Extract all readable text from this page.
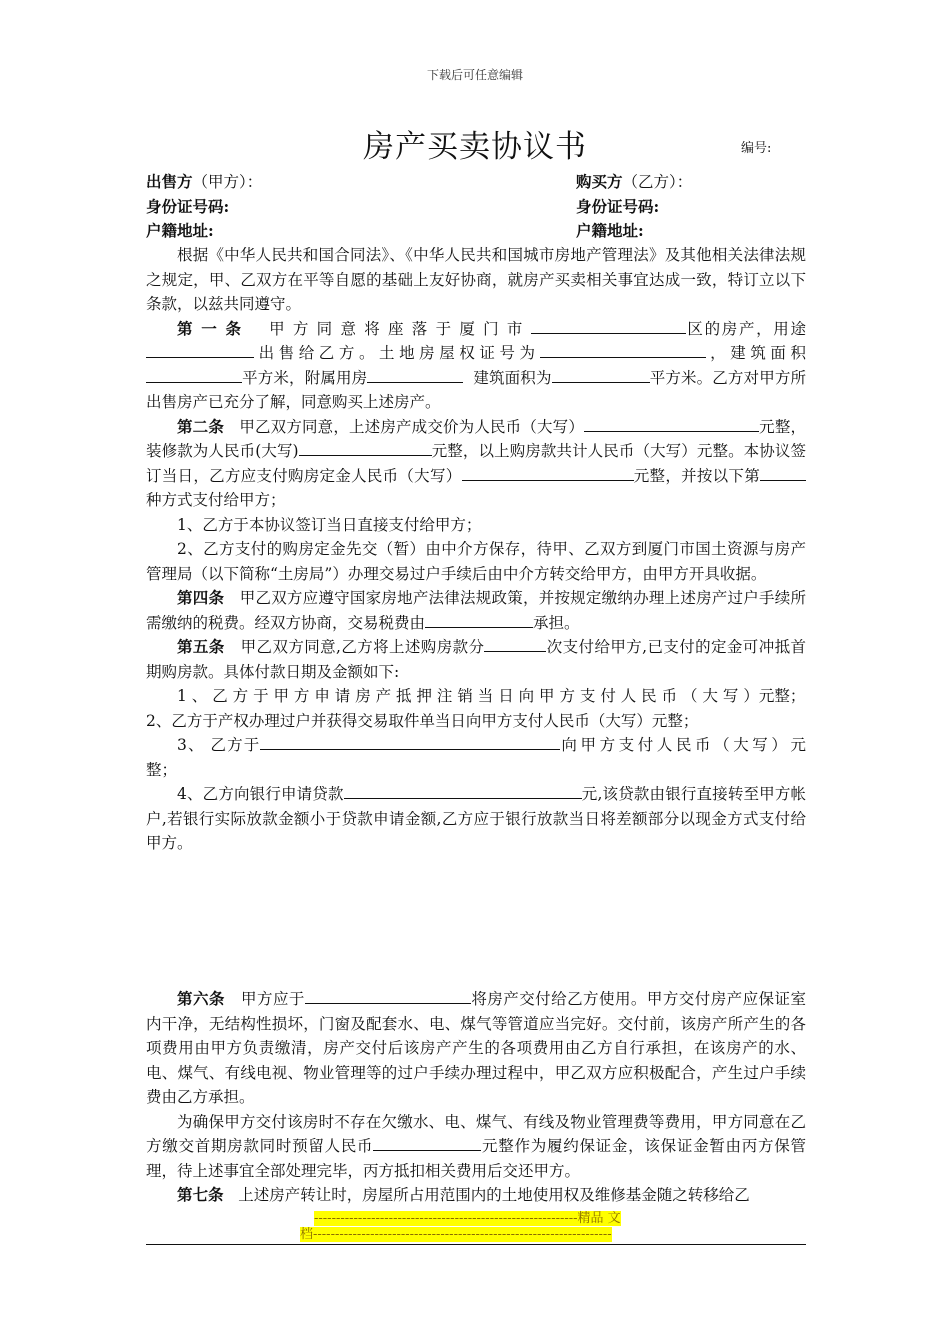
下载后可任意编辑
房产买卖协议书	编号:
出售方（甲方）：	购买方（乙方）：
身份证号码:	身份证号码:
户籍地址:	户籍地址:

根据《中华人民共和国合同法》、《中华人民共和国城市房地产管理法》及其他相关法律法规之规定，甲、乙双方在平等自愿的基础上友好协商，就房产买卖相关事宜达成一致，特订立以下条款，以兹共同遵守。

第 一 条 甲 方 同 意 将 座 落 于 厦 门 市	区的房产，用途出售给乙方。土地房屋权证号为	，建筑面积平方米，附属用房	建筑面积为	平方米。乙方对甲方所出售房产已充分了解，同意购买上述房产。

第二条 甲乙双方同意，上述房产成交价为人民币（大写）	元整，装修款为人民币(大写)	元整，以上购房款共计人民币（大写）元整。本协议签订当日，乙方应支付购房定金人民币（大写）	元整，并按以下第种方式支付给甲方；

1、乙方于本协议签订当日直接支付给甲方；

2、乙方支付的购房定金先交（暂）由中介方保存，待甲、乙双方到厦门市国土资源与房产管理局（以下简称“土房局”）办理交易过户手续后由中介方转交给甲方，由甲方开具收据。

第四条 甲乙双方应遵守国家房地产法律法规政策，并按规定缴纳办理上述房产过户手续所需缴纳的税费。经双方协商，交易税费由	承担。

第五条 甲乙双方同意,乙方将上述购房款分	次支付给甲方,已支付的定金可冲抵首期购房款。具体付款日期及金额如下:

1 、 乙 方 于 甲 方 申 请 房 产 抵 押 注 销 当 日 向 甲 方 支 付 人 民 币 （ 大 写 ）元整；　2、乙方于产权办理过户并获得交易取件单当日向甲方支付人民币（大写）元整；

3、 乙方于	向甲方支付人民币（大写）元整；

4、乙方向银行申请贷款	元,该贷款由银行直接转至甲方帐户,若银行实际放款金额小于贷款申请金额,乙方应于银行放款当日将差额部分以现金方式支付给甲方。

第六条 甲方应于	将房产交付给乙方使用。甲方交付房产应保证室内干净，无结构性损坏，门窗及配套水、电、煤气等管道应当完好。交付前，该房产所产生的各项费用由甲方负责缴清，房产交付后该房产产生的各项费用由乙方自行承担，在该房产的水、电、煤气、有线电视、物业管理等的过户手续办理过程中，甲乙双方应积极配合，产生过户手续费由乙方承担。

为确保甲方交付该房时不存在欠缴水、电、煤气、有线及物业管理费等费用，甲方同意在乙方缴交首期房款同时预留人民币	元整作为履约保证金，该保证金暂由丙方保管理，待上述事宜全部处理完毕，丙方抵扣相关费用后交还甲方。

第七条 上述房产转让时，房屋所占用范围内的土地使用权及维修基金随之转移给乙

------------------------------------------------------------精品 文
档--------------------------------------------------------------------
